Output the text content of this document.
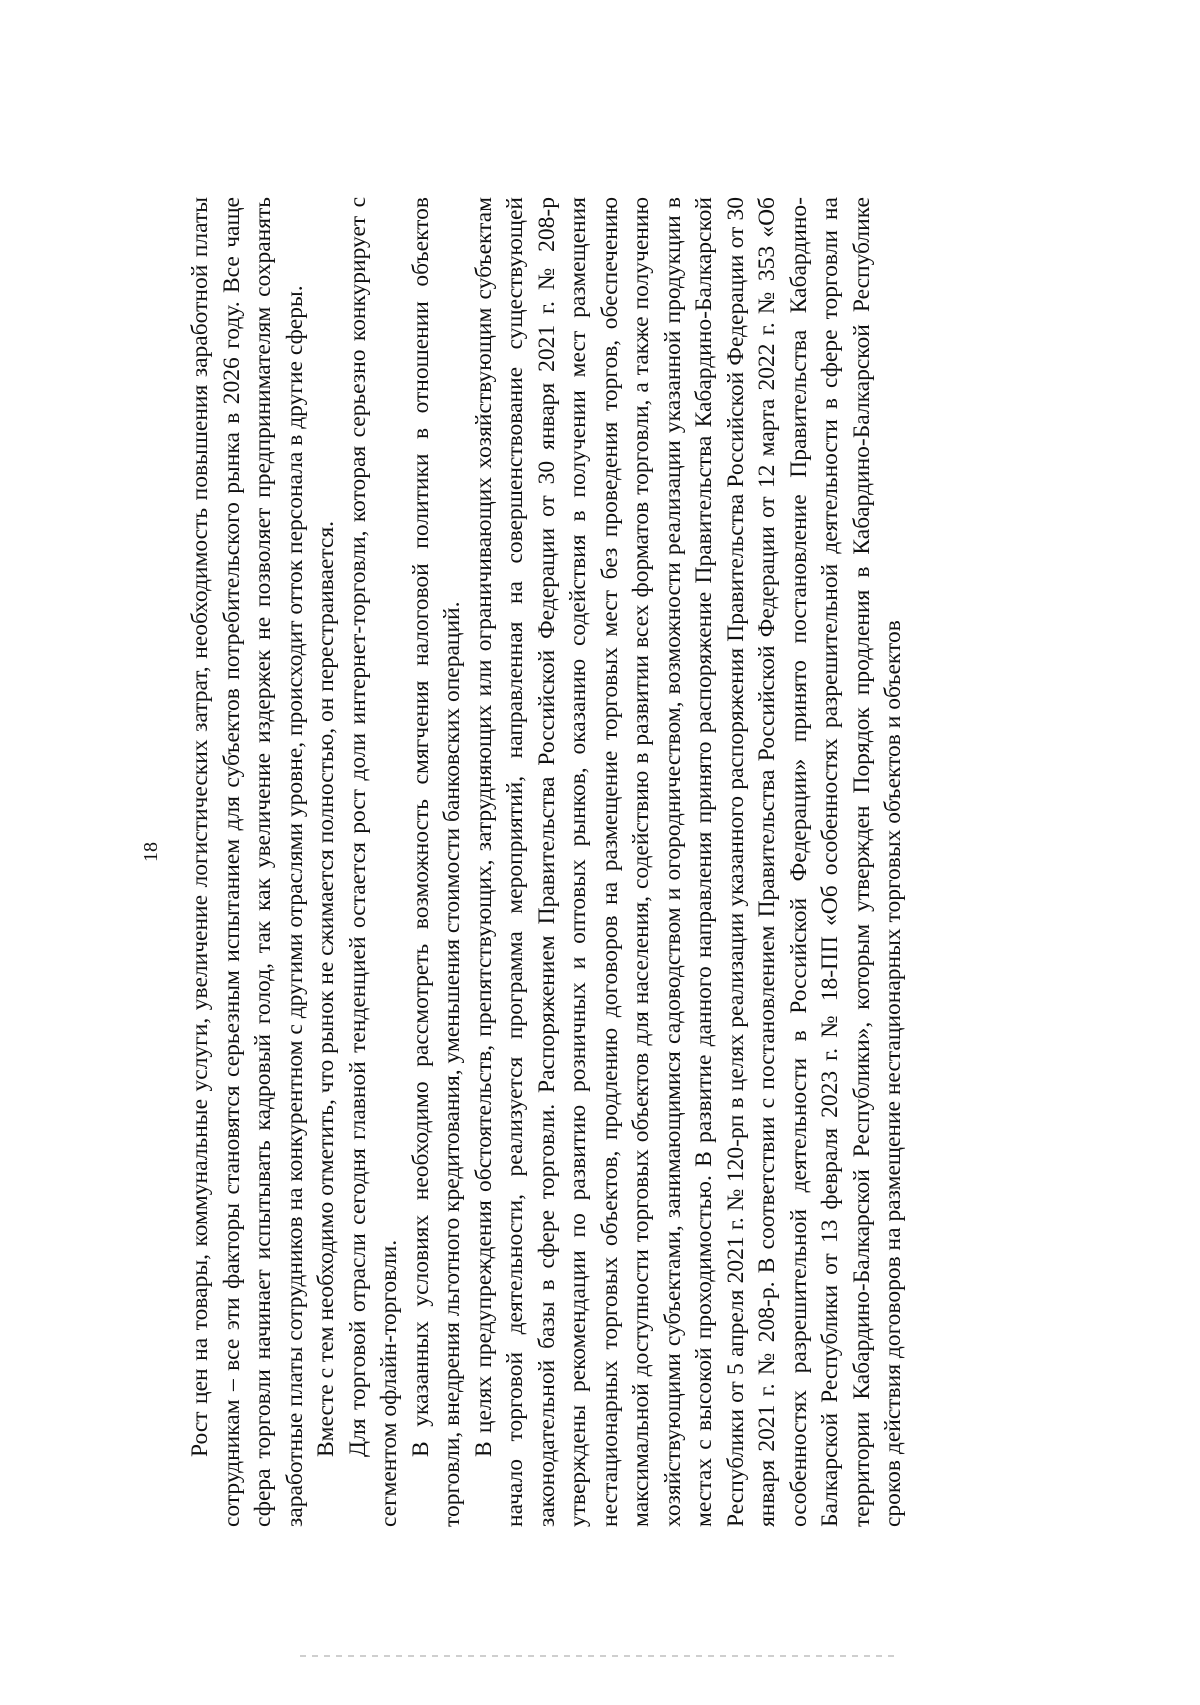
18 Рост цен на товары, коммунальные услуги, увеличение логистических затрат, необходимость повышения заработной платы сотрудникам – все эти факторы становятся серьезным испытанием для субъектов потребительского рынка в 2026 году. Все чаще сфера торговли начинает испытывать кадровый голод, так как увеличение издержек не позволяет предпринимателям сохранять заработные платы сотрудников на конкурентном с другими отраслями уровне, происходит отток персонала в другие сферы. Вместе с тем необходимо отметить, что рынок не сжимается полностью, он перестраивается. Для торговой отрасли сегодня главной тенденцией остается рост доли интернет-торговли, которая серьезно конкурирует с сегментом офлайн-торговли. В указанных условиях необходимо рассмотреть возможность смягчения налоговой политики в отношении объектов торговли, внедрения льготного кредитования, уменьшения стоимости банковских операций. В целях предупреждения обстоятельств, препятствующих, затрудняющих или ограничивающих хозяйствующим субъектам начало торговой деятельности, реализуется программа мероприятий, направленная на совершенствование существующей законодательной базы в сфере торговли. Распоряжением Правительства Российской Федерации от 30 января 2021 г. № 208-р утверждены рекомендации по развитию розничных и оптовых рынков, оказанию содействия в получении мест размещения нестационарных торговых объектов, продлению договоров на размещение торговых мест без проведения торгов, обеспечению максимальной доступности торговых объектов для населения, содействию в развитии всех форматов торговли, а также получению хозяйствующими субъектами, занимающимися садоводством и огородничеством, возможности реализации указанной продукции в местах с высокой проходимостью. В развитие данного направления принято распоряжение Правительства Кабардино-Балкарской Республики от 5 апреля 2021 г. № 120-рп в целях реализации указанного распоряжения Правительства Российской Федерации от 30 января 2021 г. № 208-р. В соответствии с постановлением Правительства Российской Федерации от 12 марта 2022 г. № 353 «Об особенностях разрешительной деятельности в Российской Федерации» принято постановление Правительства Кабардино-Балкарской Республики от 13 февраля 2023 г. № 18-ПП «Об особенностях разрешительной деятельности в сфере торговли на территории Кабардино-Балкарской Республики», которым утвержден Порядок продления в Кабардино-Балкарской Республике сроков действия договоров на размещение нестационарных торговых объектов и объектов
